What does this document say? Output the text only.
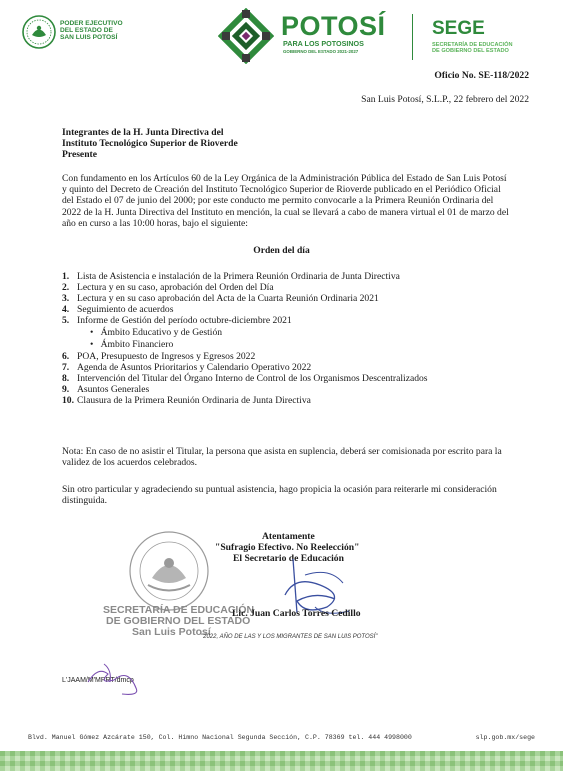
PODER EJECUTIVO
DEL ESTADO DE
SAN LUIS POTOSÍ	POTOSÍ
PARA LOS POTOSINOS
GOBIERNO DEL ESTADO 2021-2027
SEGE
SECRETARÍA DE EDUCACIÓN
DE GOBIERNO DEL ESTADO
Oficio No. SE-118/2022
San Luis Potosí, S.L.P., 22 febrero del 2022
Integrantes de la H. Junta Directiva del
Instituto Tecnológico Superior de Rioverde
Presente
Con fundamento en los Artículos 60 de la Ley Orgánica de la Administración Pública del Estado de San Luis Potosí
y quinto del Decreto de Creación del Instituto Tecnológico Superior de Rioverde publicado en el Periódico Oficial
del Estado el 07 de junio del 2000; por este conducto me permito convocarle a la Primera Reunión Ordinaria del
2022 de la H. Junta Directiva del Instituto en mención, la cual se llevará a cabo de manera virtual el 01 de marzo del
año en curso a las 10:00 horas, bajo el siguiente:
Orden del día
1. Lista de Asistencia e instalación de la Primera Reunión Ordinaria de Junta Directiva
2. Lectura y en su caso, aprobación del Orden del Día
3. Lectura y en su caso aprobación del Acta de la Cuarta Reunión Ordinaria 2021
4. Seguimiento de acuerdos
5. Informe de Gestión del período octubre-diciembre 2021
• Ámbito Educativo y de Gestión
• Ámbito Financiero
6. POA, Presupuesto de Ingresos y Egresos 2022
7. Agenda de Asuntos Prioritarios y Calendario Operativo 2022
8. Intervención del Titular del Órgano Interno de Control de los Organismos Descentralizados
9. Asuntos Generales
10. Clausura de la Primera Reunión Ordinaria de Junta Directiva
Nota: En caso de no asistir el Titular, la persona que asista en suplencia, deberá ser comisionada por escrito para la
validez de los acuerdos celebrados.
Sin otro particular y agradeciendo su puntual asistencia, hago propicia la ocasión para reiterarle mi consideración
distinguida.
Atentamente
"Sufragio Efectivo. No Reelección"
El Secretario de Educación
SECRETARÍA DE EDUCACIÓN
DE GOBIERNO DEL ESTADO
San Luis Potosí
Lic. Juan Carlos Torres Cedillo
"2022, AÑO DE LAS Y LOS MIGRANTES DE SAN LUIS POTOSÍ"
L'JAAM/M'MPRT/dmcp
Blvd. Manuel Gómez Azcárate 150, Col. Himno Nacional Segunda Sección, C.P. 78369 tel. 444 4998000	slp.gob.mx/sege
